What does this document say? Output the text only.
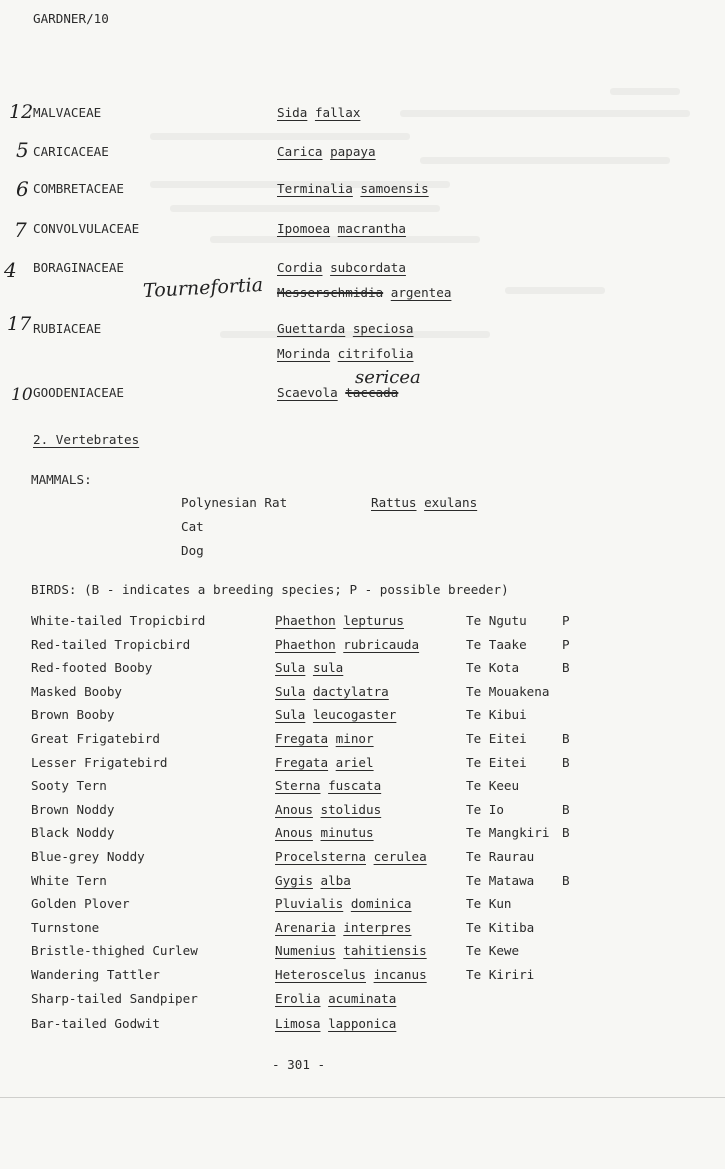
GARDNER/10
12 MALVACEAE	Sida fallax
5 CARICACEAE	Carica papaya
6 COMBRETACEAE	Terminalia samoensis
7 CONVOLVULACEAE	Ipomoea macrantha
4 BORAGINACEAE	Cordia subcordata
Messerschmidia argentea
Tournefortia
17 RUBIACEAE	Guettarda speciosa
Morinda citrifolia
10 GOODENIACEAE	Scaevola taccada
sericea
2. Vertebrates
MAMMALS:
Polynesian Rat	Rattus exulans
Cat
Dog
BIRDS: (B - indicates a breeding species; P - possible breeder)
White-tailed Tropicbird	Phaethon lepturus	Te Ngutu	P
Red-tailed Tropicbird	Phaethon rubricauda	Te Taake	P
Red-footed Booby	Sula sula	Te Kota	B
Masked Booby	Sula dactylatra	Te Mouakena
Brown Booby	Sula leucogaster	Te Kibui
Great Frigatebird	Fregata minor	Te Eitei	B
Lesser Frigatebird	Fregata ariel	Te Eitei	B
Sooty Tern	Sterna fuscata	Te Keeu
Brown Noddy	Anous stolidus	Te Io	B
Black Noddy	Anous minutus	Te Mangkiri B
Blue-grey Noddy	Procelsterna cerulea	Te Raurau
White Tern	Gygis alba	Te Matawa B
Golden Plover	Pluvialis dominica	Te Kun
Turnstone	Arenaria interpres	Te Kitiba
Bristle-thighed Curlew	Numenius tahitiensis	Te Kewe
Wandering Tattler	Heteroscelus incanus	Te Kiriri
Sharp-tailed Sandpiper	Erolia acuminata
Bar-tailed Godwit	Limosa lapponica
- 301 -
